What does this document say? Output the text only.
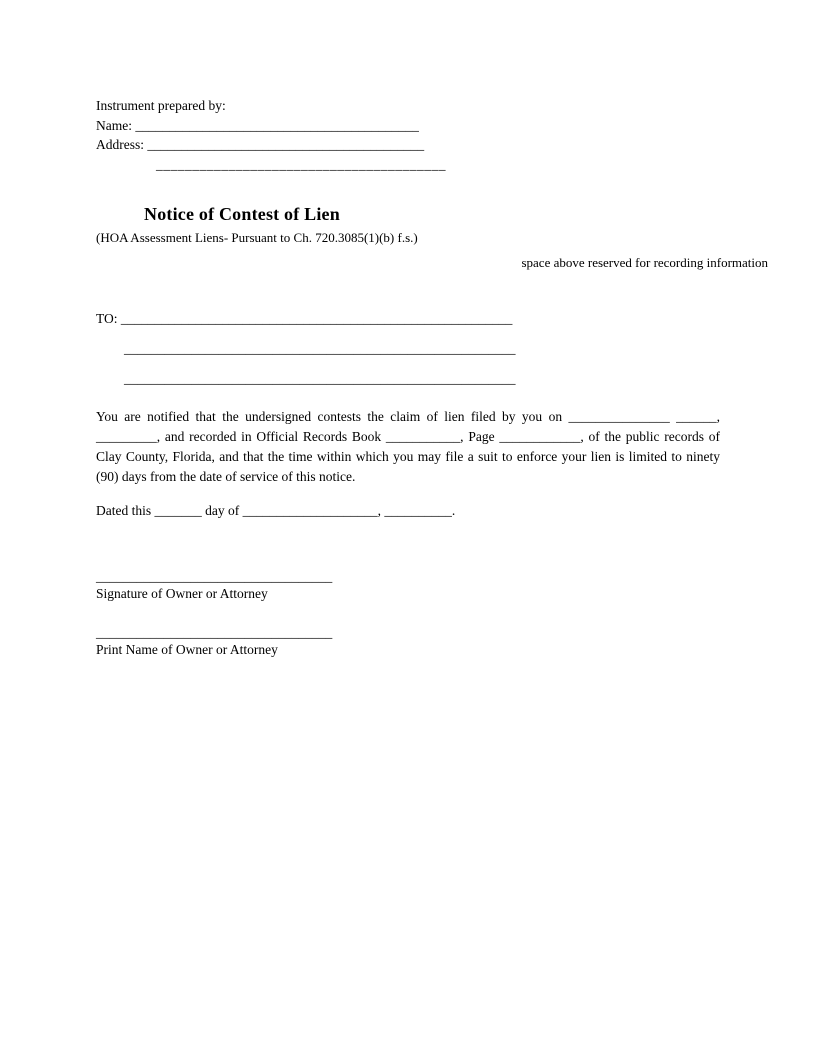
Instrument prepared by:
Name: __________________________________________
Address: _________________________________________
________________________________________
Notice of Contest of Lien
(HOA Assessment Liens- Pursuant to Ch. 720.3085(1)(b) f.s.)
space above reserved for recording information
TO: __________________________________________________________
__________________________________________________________
__________________________________________________________

You are notified that the undersigned contests the claim of lien filed by you on _______________ ______, _________, and recorded in Official Records Book ___________, Page ____________, of the public records of Clay County, Florida, and that the time within which you may file a suit to enforce your lien is limited to ninety (90) days from the date of service of this notice.

Dated this _______ day of ____________________, __________.
___________________________________
Signature of Owner or Attorney
___________________________________
Print Name of Owner or Attorney
